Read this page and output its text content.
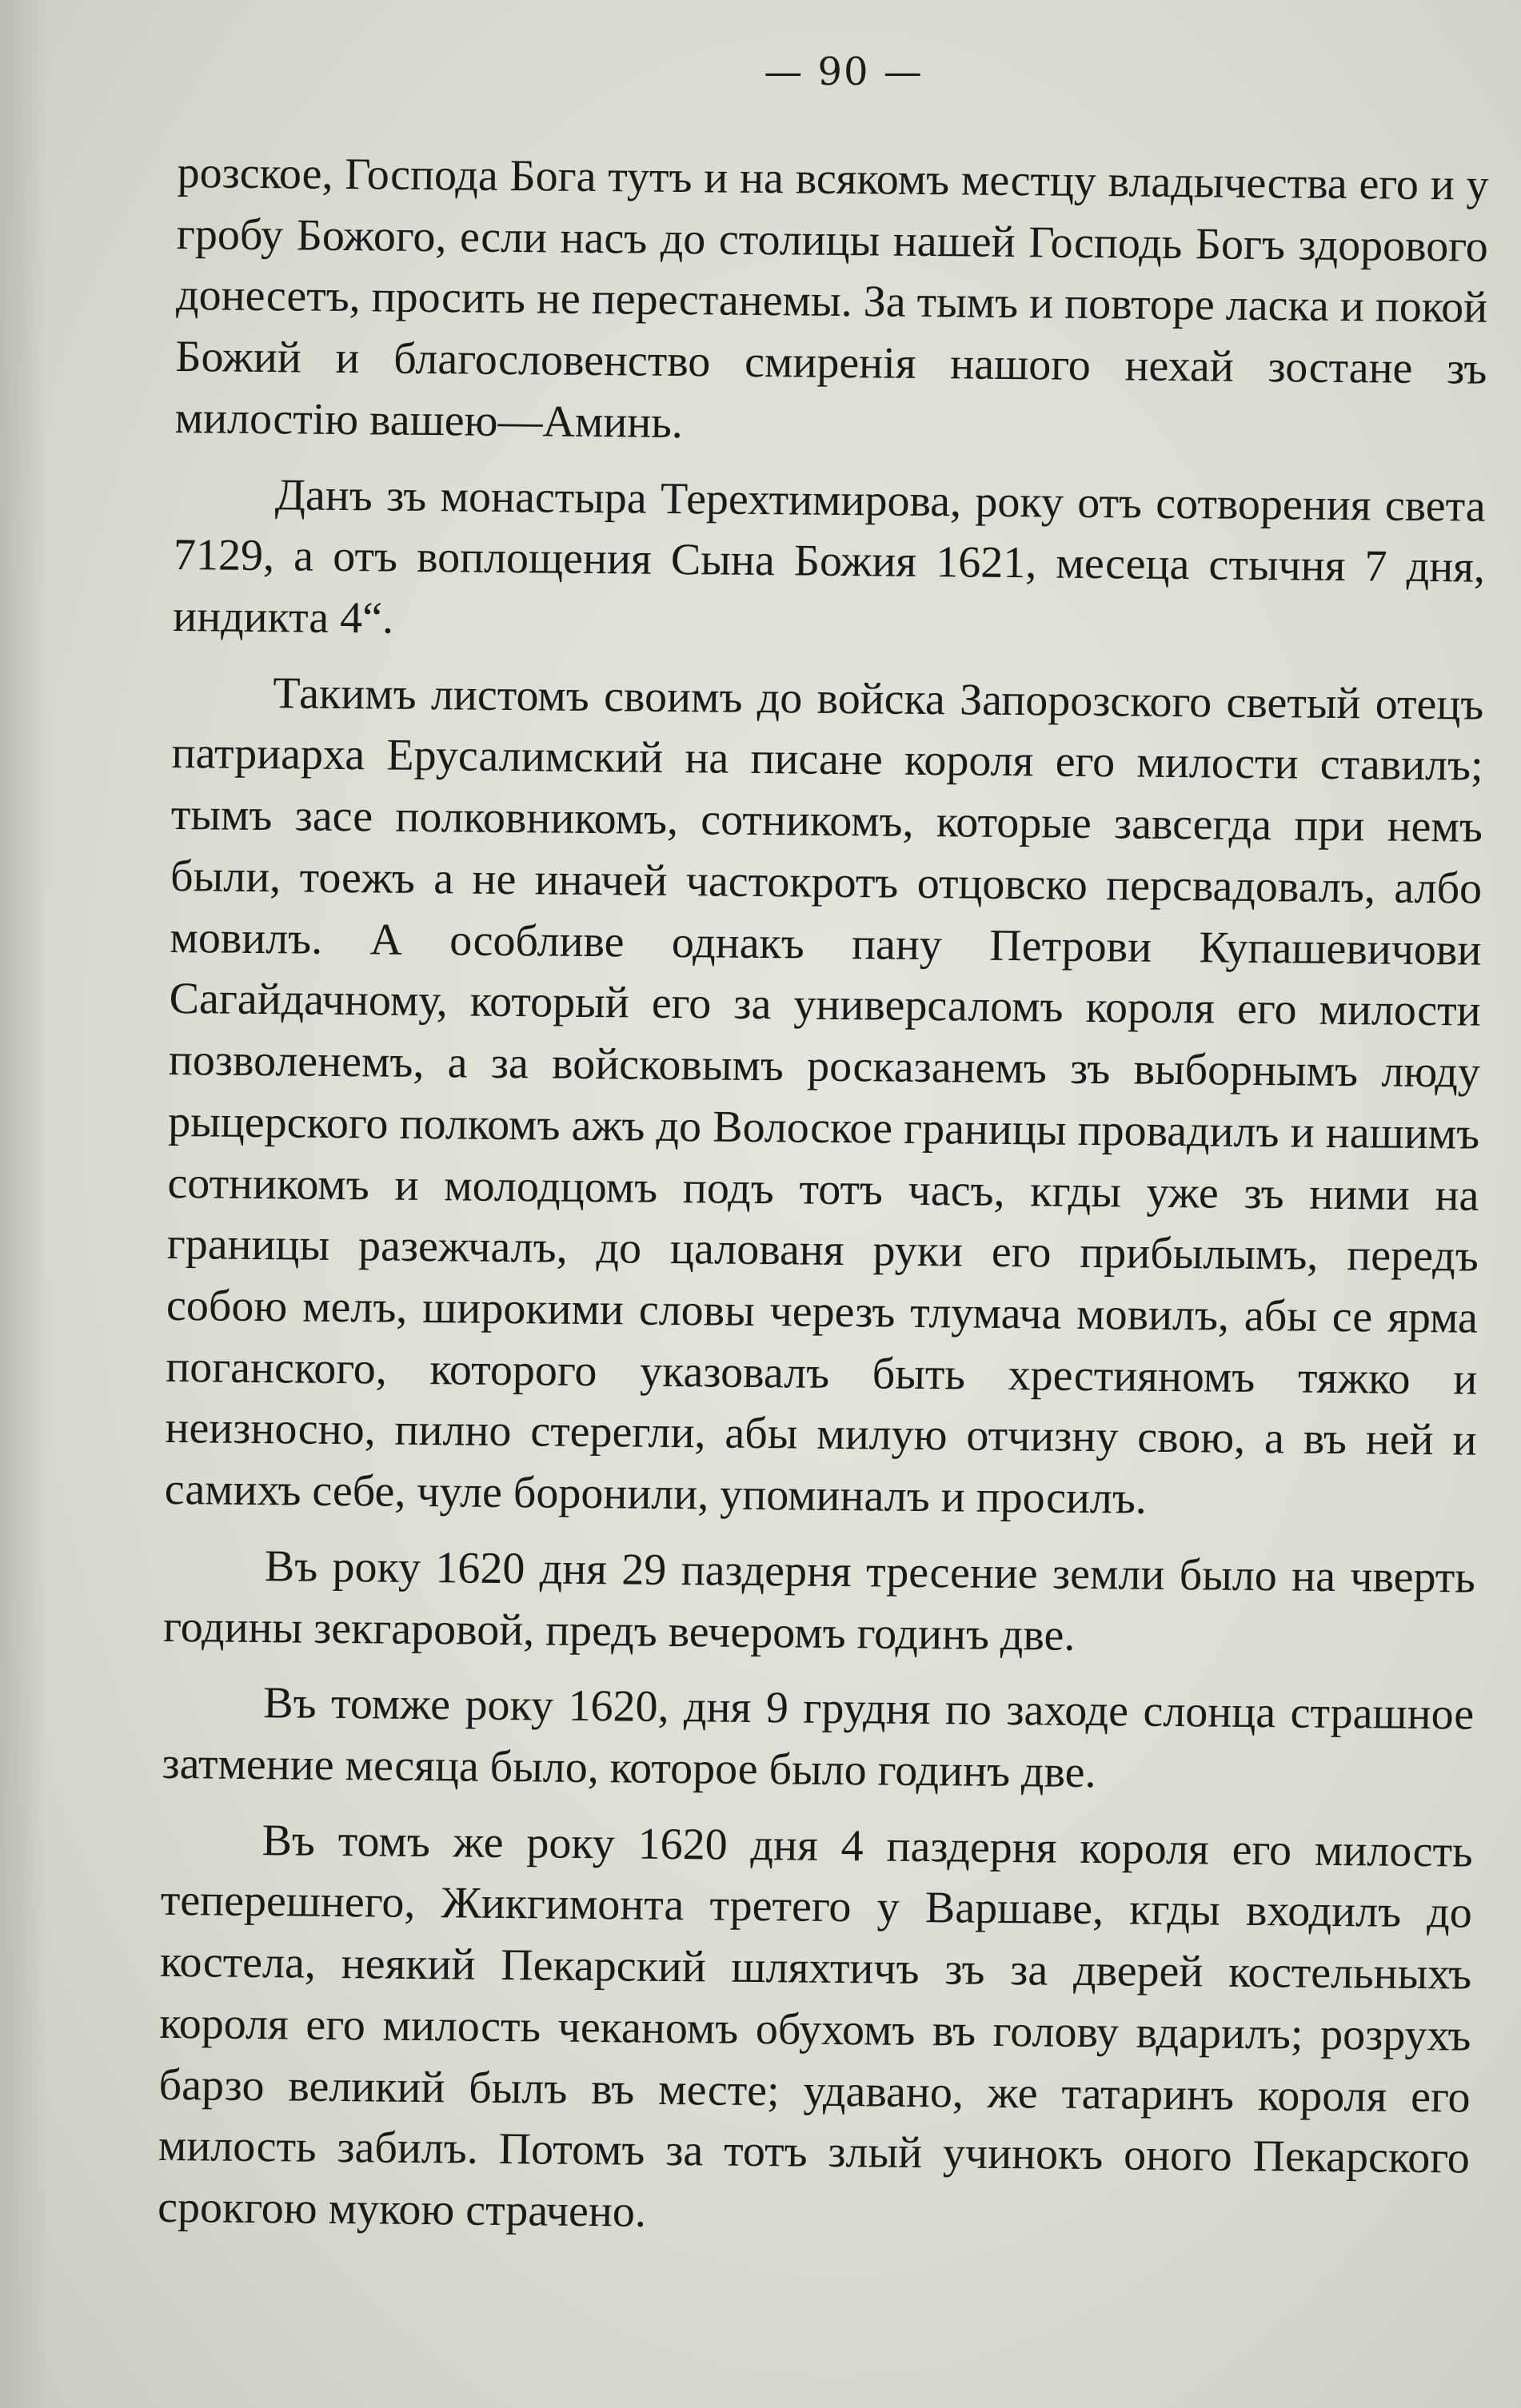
— 90 —

розское, Господа Бога тутъ и на всякомъ местцу владычества его и у гробу Божого, если насъ до столицы нашей Господь Богъ здорового донесетъ, просить не перестанемы. За тымъ и повторе ласка и покой Божий и благословенство смиренія нашого нехай зостане зъ милостію вашею—Аминь.

Данъ зъ монастыра Терехтимирова, року отъ сотворения света 7129, а отъ воплощения Сына Божия 1621, месеца стычня 7 дня, индикта 4“.

Такимъ листомъ своимъ до войска Запорозского светый отецъ патриарха Ерусалимский на писане короля его милости ставилъ; тымъ засе полковникомъ, сотникомъ, которые завсегда при немъ были, тоежъ а не иначей частокротъ отцовско персвадовалъ, албо мовилъ. А особливе однакъ пану Петрови Купашевичови Сагайдачному, который его за универсаломъ короля его милости позволенемъ, а за войсковымъ росказанемъ зъ выборнымъ люду рыцерского полкомъ ажъ до Волоское границы провадилъ и нашимъ сотникомъ и молодцомъ подъ тотъ часъ, кгды уже зъ ними на границы разежчалъ, до цалованя руки его прибылымъ, передъ собою мелъ, широкими словы черезъ тлумача мовилъ, абы се ярма поганского, которого указовалъ быть хрестияномъ тяжко и неизносно, пилно стерегли, абы милую отчизну свою, а въ ней и самихъ себе, чуле боронили, упоминалъ и просилъ.

Въ року 1620 дня 29 паздерня тресение земли было на чверть годины зекгаровой, предъ вечеромъ годинъ две.

Въ томже року 1620, дня 9 грудня по заходе слонца страшное затмение месяца было, которое было годинъ две.

Въ томъ же року 1620 дня 4 паздерня короля его милость теперешнего, Жикгимонта третего у Варшаве, кгды входилъ до костела, неякий Пекарский шляхтичъ зъ за дверей костельныхъ короля его милость чеканомъ обухомъ въ голову вдарилъ; розрухъ барзо великий былъ въ месте; удавано, же татаринъ короля его милость забилъ. Потомъ за тотъ злый учинокъ оного Пекарского срокгою мукою страчено.
